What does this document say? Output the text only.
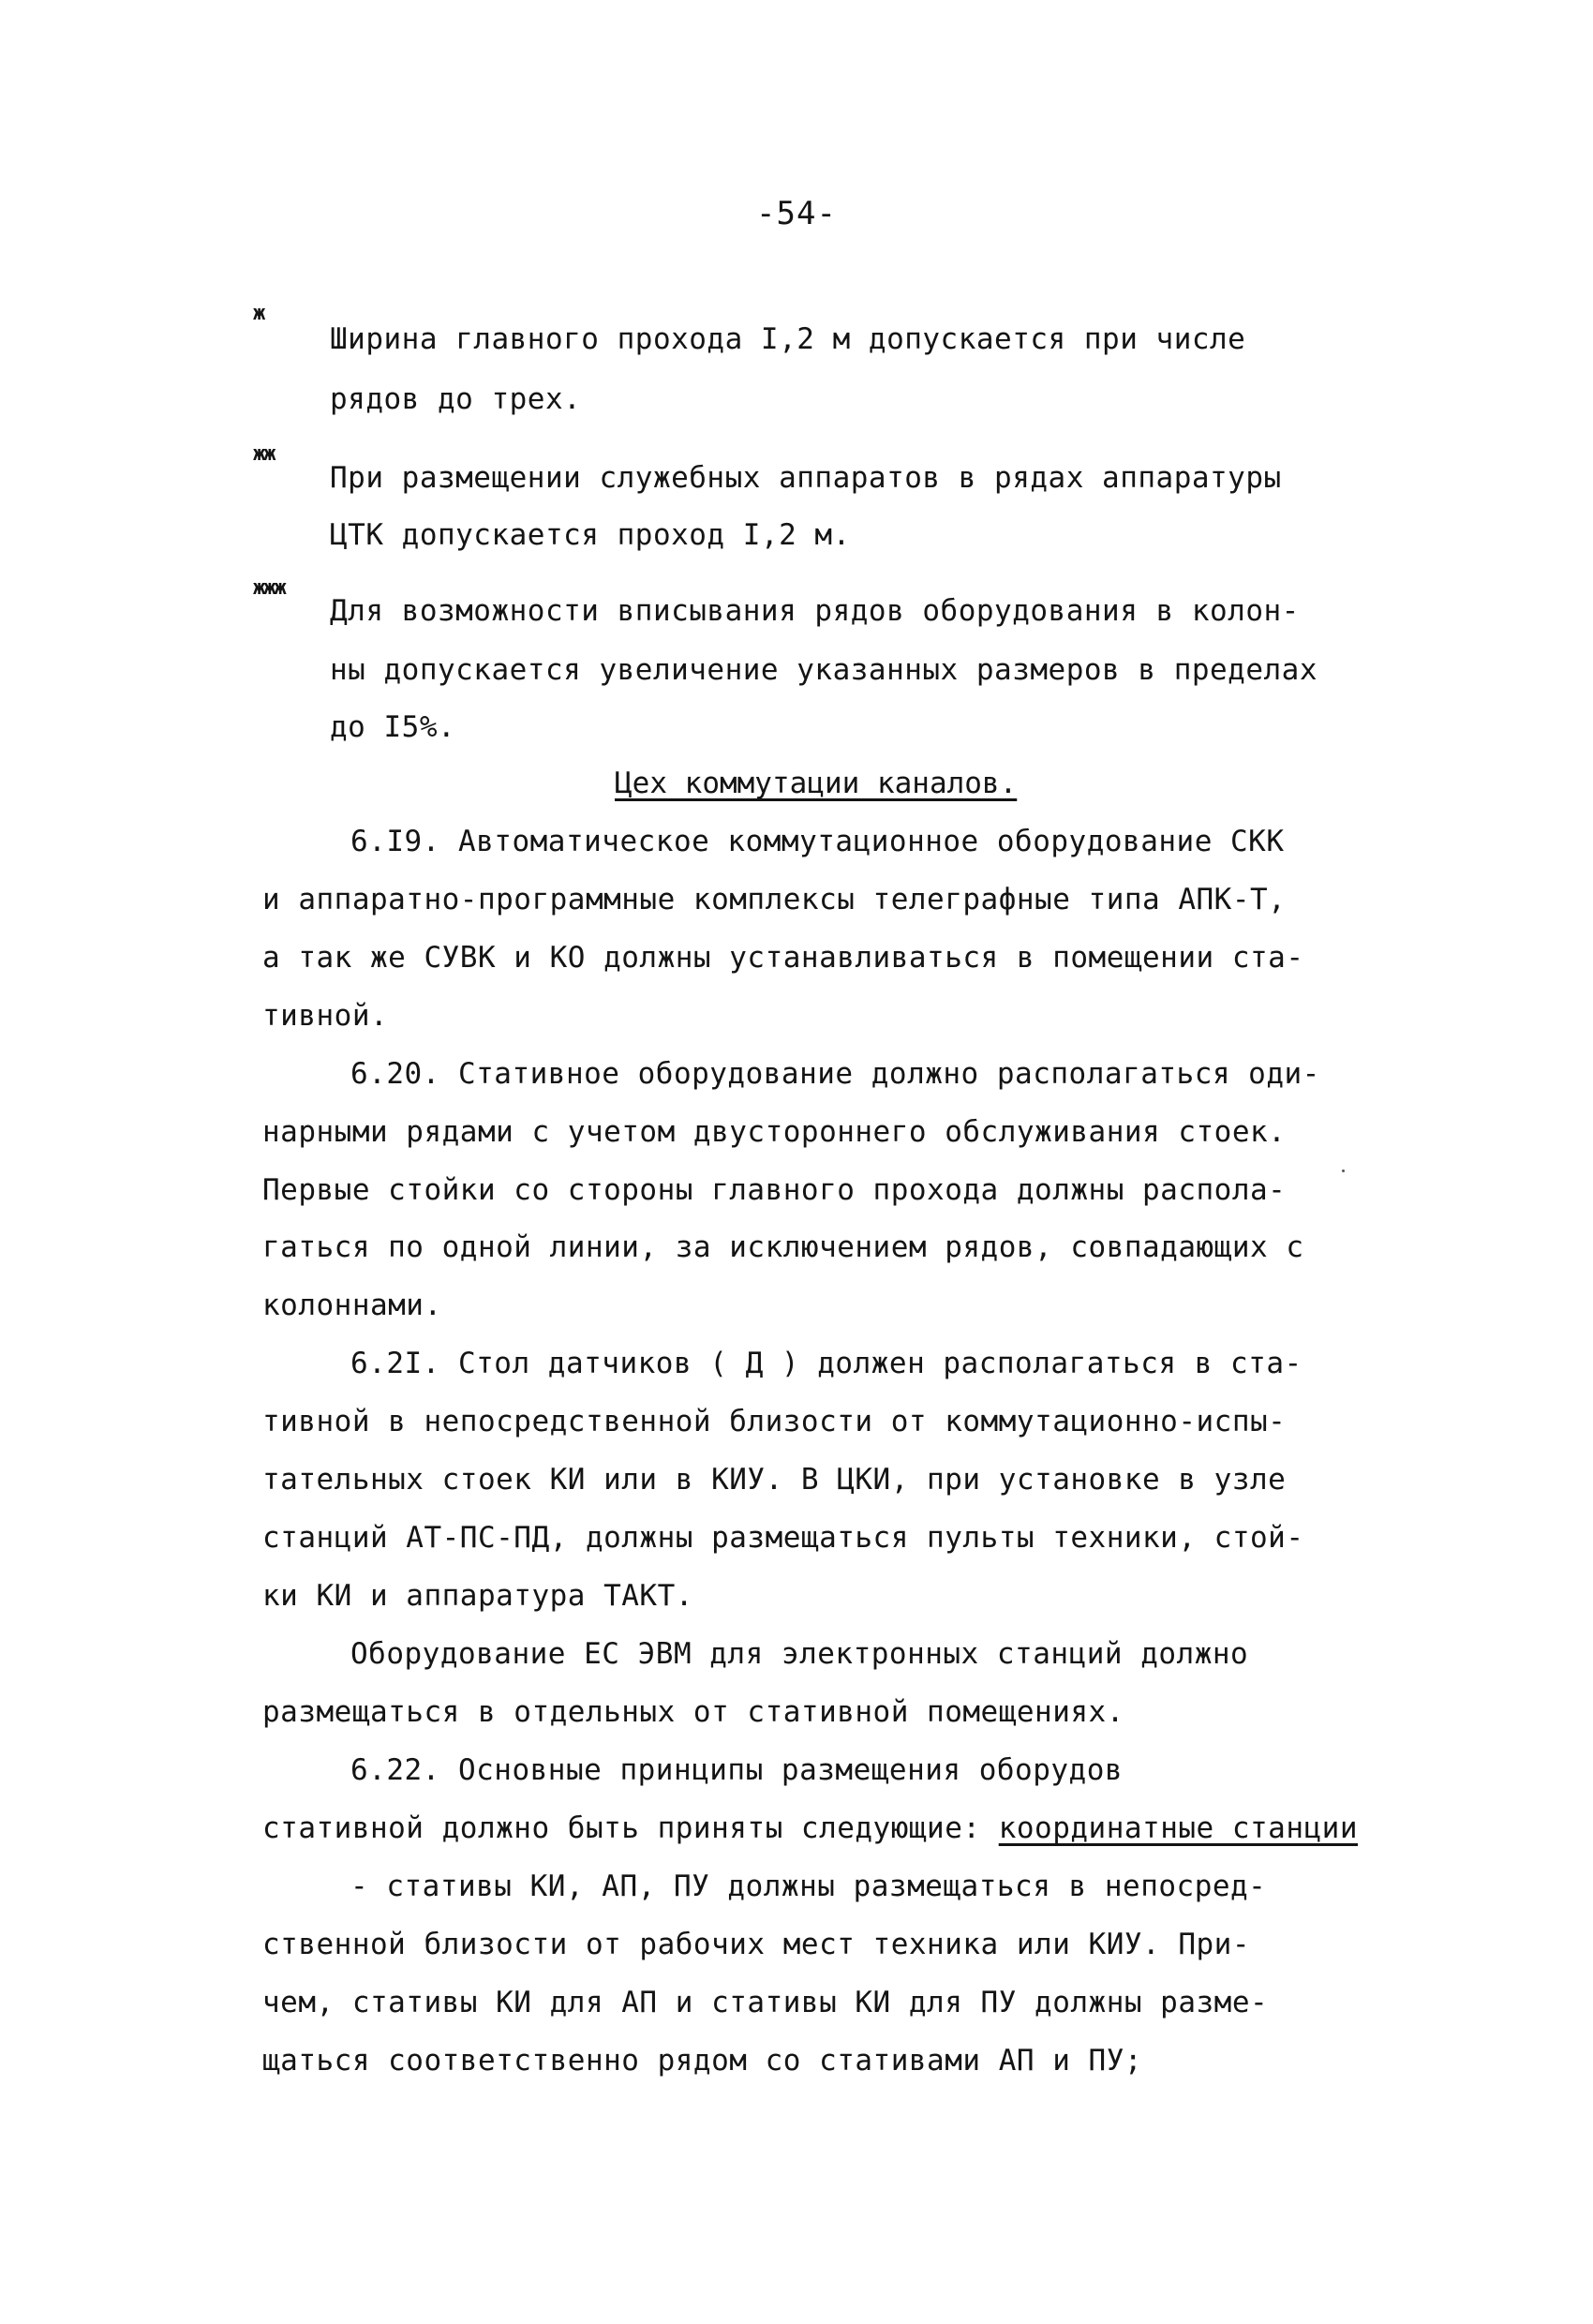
-54-
ж
Ширина главного прохода I,2 м допускается при числе
рядов до трех.
жж
При размещении служебных аппаратов в рядах аппаратуры
ЦТК допускается проход I,2 м.
жжж
Для возможности вписывания рядов оборудования в колон-
ны допускается увеличение указанных размеров в пределах
до I5%.
Цех коммутации каналов.
6.I9. Автоматическое коммутационное оборудование СКК
и аппаратно-программные комплексы телеграфные типа АПК-Т,
а так же СУВК и КО должны устанавливаться в помещении ста-
тивной.
6.20. Стативное оборудование должно располагаться оди-
нарными рядами с учетом двустороннего обслуживания стоек.
Первые стойки со стороны главного прохода должны распола-
гаться по одной линии, за исключением рядов, совпадающих с
колоннами.
6.2I. Стол датчиков ( Д ) должен располагаться в ста-
тивной в непосредственной близости от коммутационно-испы-
тательных стоек КИ или в КИУ. В ЦКИ, при установке в узле
станций АТ-ПС-ПД, должны размещаться пульты техники, стой-
ки КИ и аппаратура ТАКТ.
Оборудование ЕС ЭВМ для электронных станций должно
размещаться в отдельных от стативной помещениях.
6.22. Основные принципы размещения оборудов
стативной должно быть приняты следующие: координатные станции
- стативы КИ, АП, ПУ должны размещаться в непосред-
ственной близости от рабочих мест техника или КИУ. При-
чем, стативы КИ для АП и стативы КИ для ПУ должны разме-
щаться соответственно рядом со стативами АП и ПУ;
